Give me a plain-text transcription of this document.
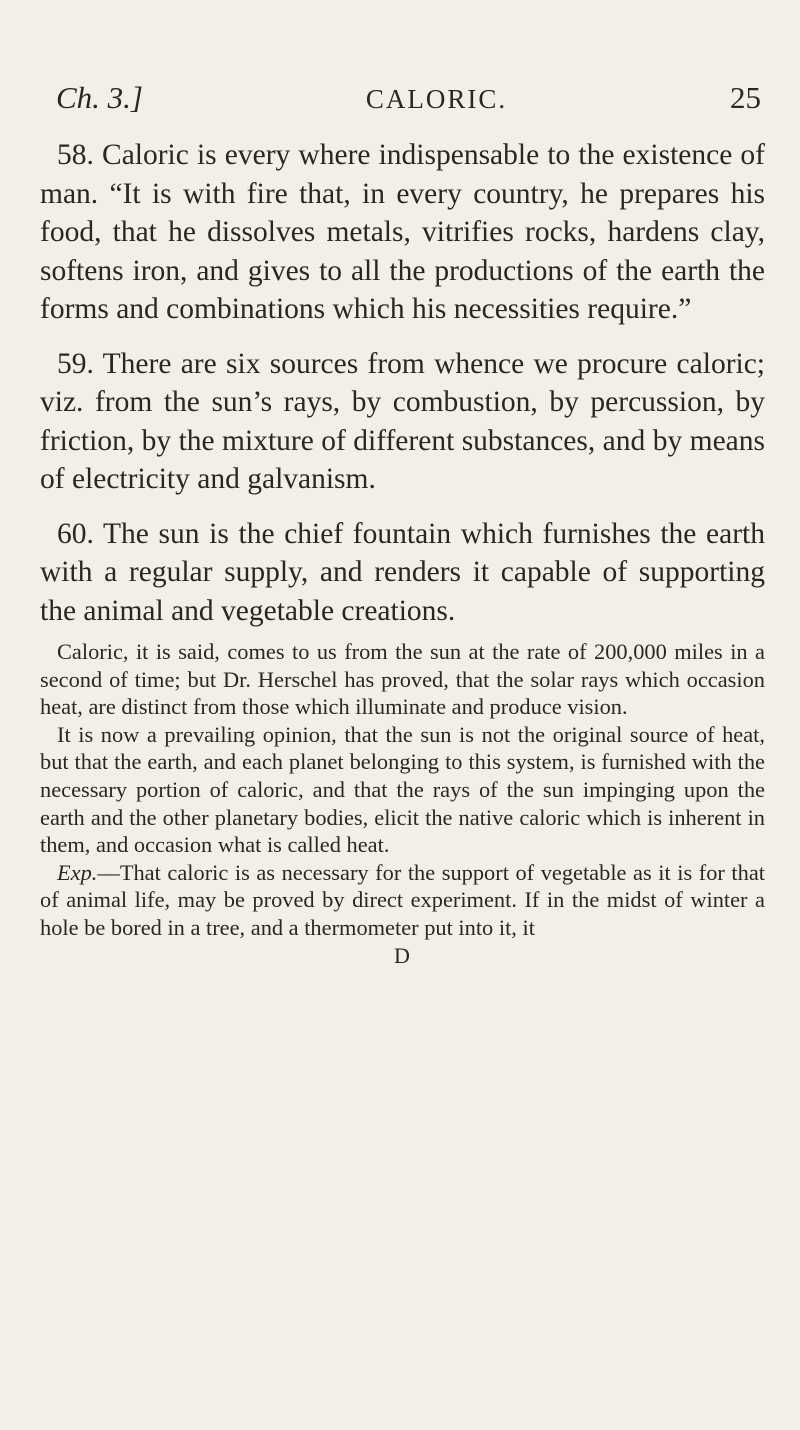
Ch. 3.]	CALORIC.	25

58. Caloric is every where indispensable to the existence of man. “It is with fire that, in every country, he prepares his food, that he dissolves metals, vitrifies rocks, hardens clay, softens iron, and gives to all the productions of the earth the forms and combinations which his necessities require.”

59. There are six sources from whence we procure caloric; viz. from the sun’s rays, by combustion, by percussion, by friction, by the mixture of different substances, and by means of electricity and galvanism.

60. The sun is the chief fountain which furnishes the earth with a regular supply, and renders it capable of supporting the animal and vegetable creations.

Caloric, it is said, comes to us from the sun at the rate of 200,000 miles in a second of time; but Dr. Herschel has proved, that the solar rays which occasion heat, are distinct from those which illuminate and produce vision.

It is now a prevailing opinion, that the sun is not the original source of heat, but that the earth, and each planet belonging to this system, is furnished with the necessary portion of caloric, and that the rays of the sun impinging upon the earth and the other planetary bodies, elicit the native caloric which is inherent in them, and occasion what is called heat.

Exp.—That caloric is as necessary for the support of vegetable as it is for that of animal life, may be proved by direct experiment. If in the midst of winter a hole be bored in a tree, and a thermometer put into it, it

D
